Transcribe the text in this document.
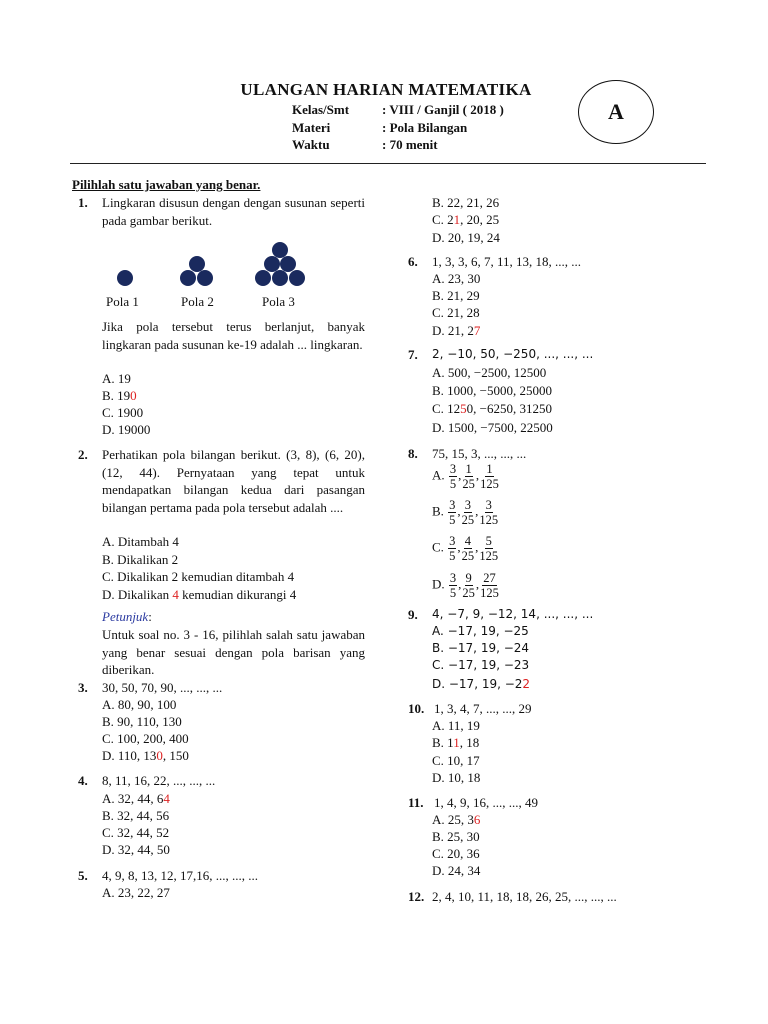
ULANGAN HARIAN MATEMATIKA
Kelas/Smt	: VIII / Ganjil ( 2018 )
Materi	: Pola Bilangan
Waktu	: 70 menit
A
Pilihlah satu jawaban yang benar.
1. Lingkaran disusun dengan dengan susunan seperti pada gambar berikut.
Pola 1	Pola 2	Pola 3
Jika pola tersebut terus berlanjut, banyak lingkaran pada susunan ke-19 adalah ... lingkaran.
A. 19
B. 190
C. 1900
D. 19000
2. Perhatikan pola bilangan berikut. (3, 8), (6, 20), (12, 44). Pernyataan yang tepat untuk mendapatkan bilangan kedua dari pasangan bilangan pertama pada pola tersebut adalah ....
A. Ditambah 4
B. Dikalikan 2
C. Dikalikan 2 kemudian ditambah 4
D. Dikalikan 4 kemudian dikurangi 4
Petunjuk:
Untuk soal no. 3 - 16, pilihlah salah satu jawaban yang benar sesuai dengan pola barisan yang diberikan.
3. 30, 50, 70, 90, ..., ..., ...
A. 80, 90, 100
B. 90, 110, 130
C. 100, 200, 400
D. 110, 130, 150
4. 8, 11, 16, 22, ..., ..., ...
A. 32, 44, 64
B. 32, 44, 56
C. 32, 44, 52
D. 32, 44, 50
5. 4, 9, 8, 13, 12, 17,16, ..., ..., ...
A. 23, 22, 27
B. 22, 21, 26
C. 21, 20, 25
D. 20, 19, 24
6. 1, 3, 3, 6, 7, 11, 13, 18, ..., ...
A. 23, 30
B. 21, 29
C. 21, 28
D. 21, 27
7. 2, −10, 50, −250, ..., ..., ...
A. 500, −2500, 12500
B. 1000, −5000, 25000
C. 1250, −6250, 31250
D. 1500, −7500, 22500
8. 75, 15, 3, ..., ..., ...
A. $\frac{3}{5}$ , $\frac{1}{25}$ , $\frac{1}{125}$
B. $\frac{3}{5}$ , $\frac{3}{25}$ , $\frac{3}{125}$
C. $\frac{3}{5}$ , $\frac{4}{25}$ , $\frac{5}{125}$
D. $\frac{3}{5}$ , $\frac{9}{25}$ , $\frac{27}{125}$
9. 4, −7, 9, −12, 14, ..., ..., ...
A. −17, 19, −25
B. −17, 19, −24
C. −17, 19, −23
D. −17, 19, −22
10. 1, 3, 4, 7, ..., ..., 29
A. 11, 19
B. 11, 18
C. 10, 17
D. 10, 18
11. 1, 4, 9, 16, ..., ..., 49
A. 25, 36
B. 25, 30
C. 20, 36
D. 24, 34
12. 2, 4, 10, 11, 18, 18, 26, 25, ..., ..., ...
